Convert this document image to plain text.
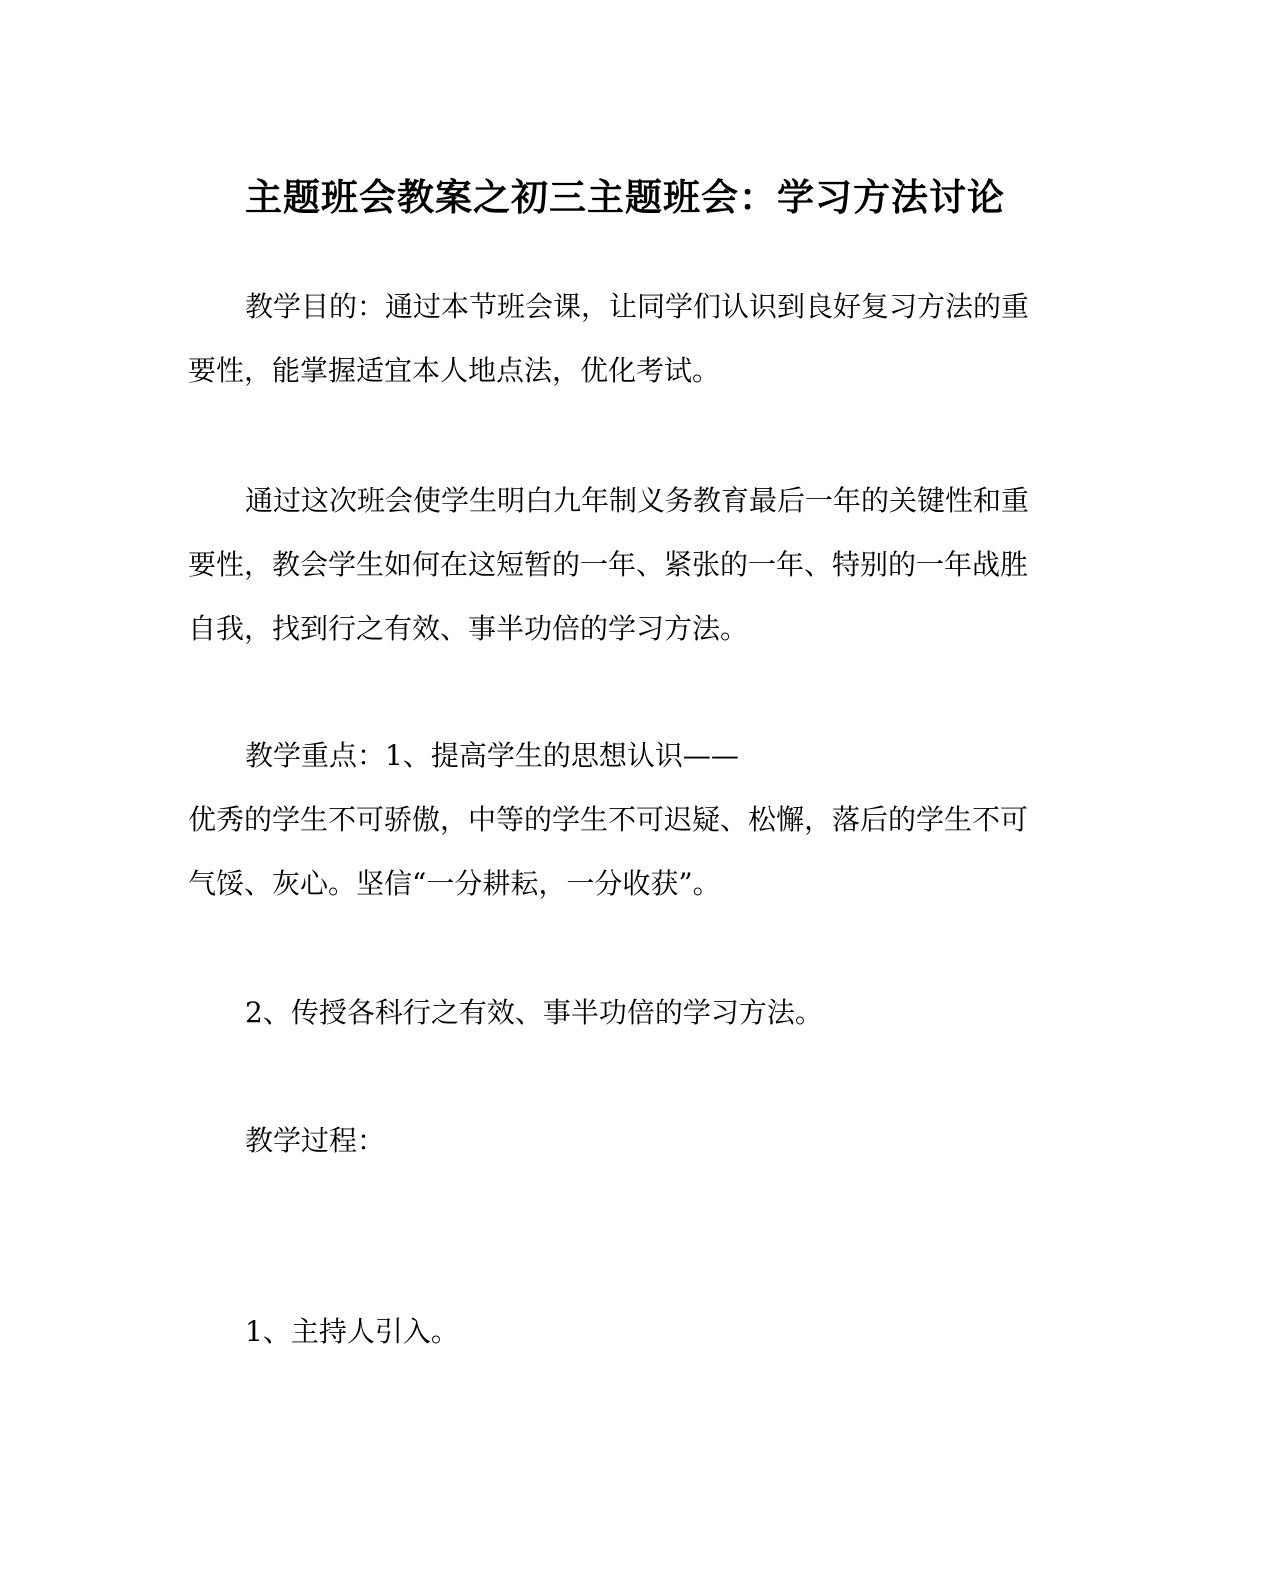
主题班会教案之初三主题班会：学习方法讨论
教学目的：通过本节班会课，让同学们认识到良好复习方法的重
要性，能掌握适宜本人地点法，优化考试。
通过这次班会使学生明白九年制义务教育最后一年的关键性和重
要性，教会学生如何在这短暂的一年、紧张的一年、特别的一年战胜
自我，找到行之有效、事半功倍的学习方法。
教学重点：1、提高学生的思想认识——
优秀的学生不可骄傲，中等的学生不可迟疑、松懈，落后的学生不可
气馁、灰心。坚信“一分耕耘，一分收获”。
2、传授各科行之有效、事半功倍的学习方法。
教学过程：
1、主持人引入。
